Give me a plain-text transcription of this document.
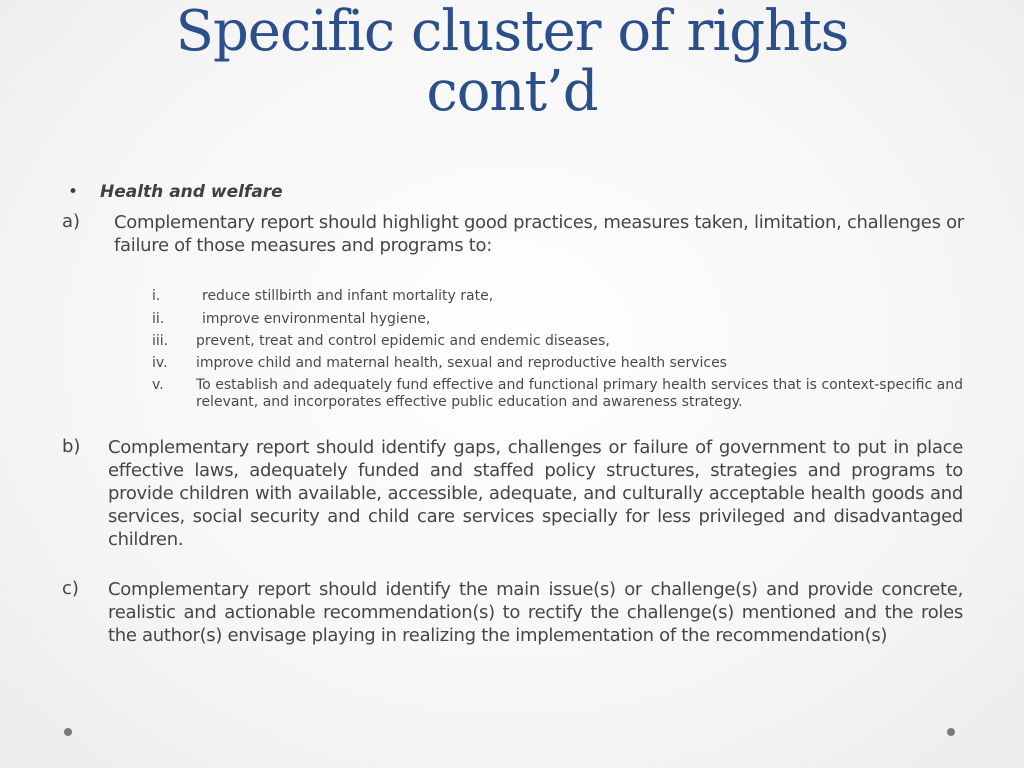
Specific cluster of rights
cont’d
• Health and welfare
a) Complementary report should highlight good practices, measures taken, limitation, challenges or failure of those measures and programs to:
i.	reduce stillbirth and infant mortality rate,
ii.	improve environmental hygiene,
iii. prevent, treat and control epidemic and endemic diseases,
iv. improve child and maternal health, sexual and reproductive health services
v. To establish and adequately fund effective and functional primary health services that is context-specific and relevant, and incorporates effective public education and awareness strategy.
b) Complementary report should identify gaps, challenges or failure of government to put in place effective laws, adequately funded and staffed policy structures, strategies and programs to provide children with available, accessible, adequate, and culturally acceptable health goods and services, social security and child care services specially for less privileged and disadvantaged children.
c) Complementary report should identify the main issue(s) or challenge(s) and provide concrete, realistic and actionable recommendation(s) to rectify the challenge(s) mentioned and the roles the author(s) envisage playing in realizing the implementation of the recommendation(s)
